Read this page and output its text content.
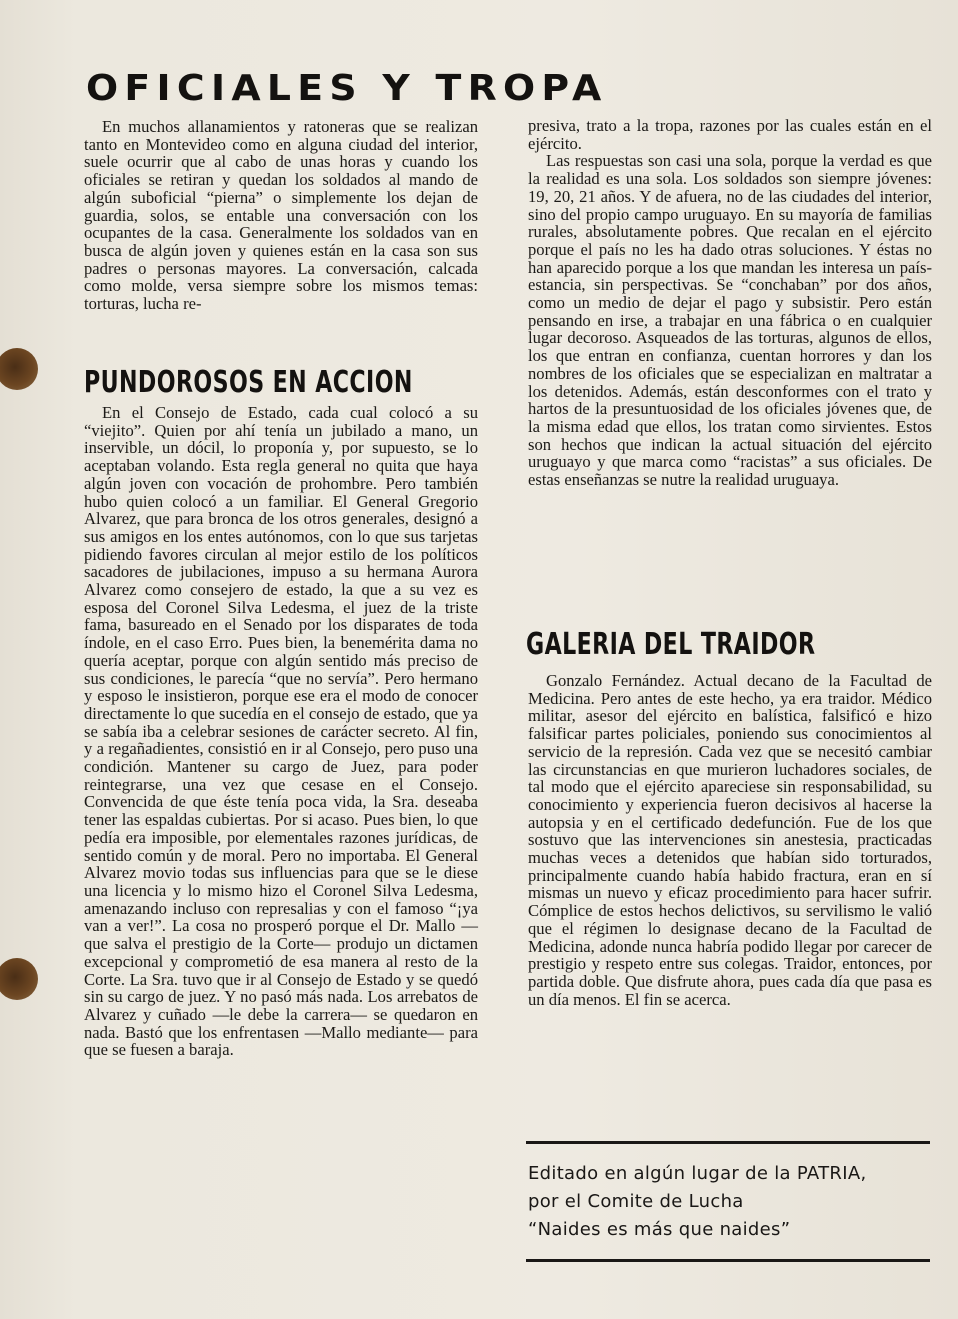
OFICIALES Y TROPA

En muchos allanamientos y ratoneras que se realizan tanto en Montevideo como en alguna ciudad del interior, suele ocurrir que al cabo de unas horas y cuando los oficiales se retiran y quedan los soldados al mando de algún suboficial “pierna” o simplemente los dejan de guardia, solos, se entable una conversación con los ocupantes de la casa. Generalmente los soldados van en busca de algún joven y quienes están en la casa son sus padres o personas mayores. La conversación, calcada como molde, versa siempre sobre los mismos temas: torturas, lucha re-

PUNDOROSOS EN ACCION

En el Consejo de Estado, cada cual colocó a su “viejito”. Quien por ahí tenía un jubilado a mano, un inservible, un dócil, lo proponía y, por supuesto, se lo aceptaban volando. Esta regla general no quita que haya algún joven con vocación de prohombre. Pero también hubo quien colocó a un familiar. El General Gregorio Alvarez, que para bronca de los otros generales, designó a sus amigos en los entes autónomos, con lo que sus tarjetas pidiendo favores circulan al mejor estilo de los políticos sacadores de jubilaciones, impuso a su hermana Aurora Alvarez como consejero de estado, la que a su vez es esposa del Coronel Silva Ledesma, el juez de la triste fama, basureado en el Senado por los disparates de toda índole, en el caso Erro. Pues bien, la benemérita dama no quería aceptar, porque con algún sentido más preciso de sus condiciones, le parecía “que no servía”. Pero hermano y esposo le insistieron, porque ese era el modo de conocer directamente lo que sucedía en el consejo de estado, que ya se sabía iba a celebrar sesiones de carácter secreto. Al fin, y a regañadientes, consistió en ir al Consejo, pero puso una condición. Mantener su cargo de Juez, para poder reintegrarse, una vez que cesase en el Consejo. Convencida de que éste tenía poca vida, la Sra. deseaba tener las espaldas cubiertas. Por si acaso. Pues bien, lo que pedía era imposible, por elementales razones jurídicas, de sentido común y de moral. Pero no importaba. El General Alvarez movio todas sus influencias para que se le diese una licencia y lo mismo hizo el Coronel Silva Ledesma, amenazando incluso con represalias y con el famoso “¡ya van a ver!”. La cosa no prosperó porque el Dr. Mallo —que salva el prestigio de la Corte— produjo un dictamen excepcional y comprometió de esa manera al resto de la Corte. La Sra. tuvo que ir al Consejo de Estado y se quedó sin su cargo de juez. Y no pasó más nada. Los arrebatos de Alvarez y cuñado —le debe la carrera— se quedaron en nada. Bastó que los enfrentasen —Mallo mediante— para que se fuesen a baraja.

presiva, trato a la tropa, razones por las cuales están en el ejército.

Las respuestas son casi una sola, porque la verdad es que la realidad es una sola. Los soldados son siempre jóvenes: 19, 20, 21 años. Y de afuera, no de las ciudades del interior, sino del propio campo uruguayo. En su mayoría de familias rurales, absolutamente pobres. Que recalan en el ejército porque el país no les ha dado otras soluciones. Y éstas no han aparecido porque a los que mandan les interesa un país-estancia, sin perspectivas. Se “conchaban” por dos años, como un medio de dejar el pago y subsistir. Pero están pensando en irse, a trabajar en una fábrica o en cualquier lugar decoroso. Asqueados de las torturas, algunos de ellos, los que entran en confianza, cuentan horrores y dan los nombres de los oficiales que se especializan en maltratar a los detenidos. Además, están desconformes con el trato y hartos de la presuntuosidad de los oficiales jóvenes que, de la misma edad que ellos, los tratan como sirvientes. Estos son hechos que indican la actual situación del ejército uruguayo y que marca como “racistas” a sus oficiales. De estas enseñanzas se nutre la realidad uruguaya.

GALERIA DEL TRAIDOR

Gonzalo Fernández. Actual decano de la Facultad de Medicina. Pero antes de este hecho, ya era traidor. Médico militar, asesor del ejército en balística, falsificó e hizo falsificar partes policiales, poniendo sus conocimientos al servicio de la represión. Cada vez que se necesitó cambiar las circunstancias en que murieron luchadores sociales, de tal modo que el ejército apareciese sin responsabilidad, su conocimiento y experiencia fueron decisivos al hacerse la autopsia y en el certificado dedefunción. Fue de los que sostuvo que las intervenciones sin anestesia, practicadas muchas veces a detenidos que habían sido torturados, principalmente cuando había habido fractura, eran en sí mismas un nuevo y eficaz procedimiento para hacer sufrir. Cómplice de estos hechos delictivos, su servilismo le valió que el régimen lo designase decano de la Facultad de Medicina, adonde nunca habría podido llegar por carecer de prestigio y respeto entre sus colegas. Traidor, entonces, por partida doble. Que disfrute ahora, pues cada día que pasa es un día menos. El fin se acerca.

Editado en algún lugar de la PATRIA,
por el Comite de Lucha
“Naides es más que naides”
